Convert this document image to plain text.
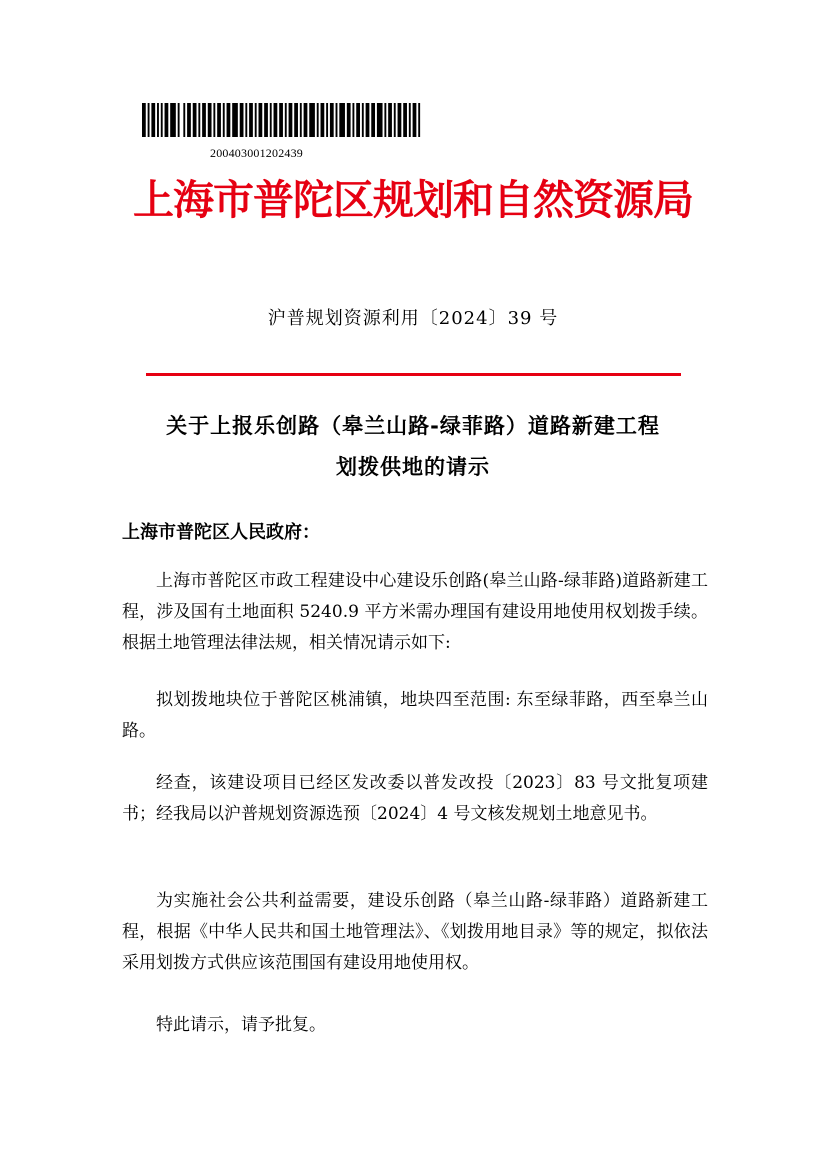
200403001202439
上海市普陀区规划和自然资源局
沪普规划资源利用〔2024〕39 号
关于上报乐创路（皋兰山路-绿菲路）道路新建工程
划拨供地的请示
上海市普陀区人民政府：
上海市普陀区市政工程建设中心建设乐创路(皋兰山路-绿菲路)道路新建工程，涉及国有土地面积 5240.9 平方米需办理国有建设用地使用权划拨手续。根据土地管理法律法规，相关情况请示如下:
拟划拨地块位于普陀区桃浦镇，地块四至范围: 东至绿菲路，西至皋兰山路。
经查，该建设项目已经区发改委以普发改投〔2023〕83 号文批复项建书；经我局以沪普规划资源选预〔2024〕4 号文核发规划土地意见书。
为实施社会公共利益需要，建设乐创路（皋兰山路-绿菲路）道路新建工程，根据《中华人民共和国土地管理法》、《划拨用地目录》等的规定，拟依法采用划拨方式供应该范围国有建设用地使用权。
特此请示，请予批复。
